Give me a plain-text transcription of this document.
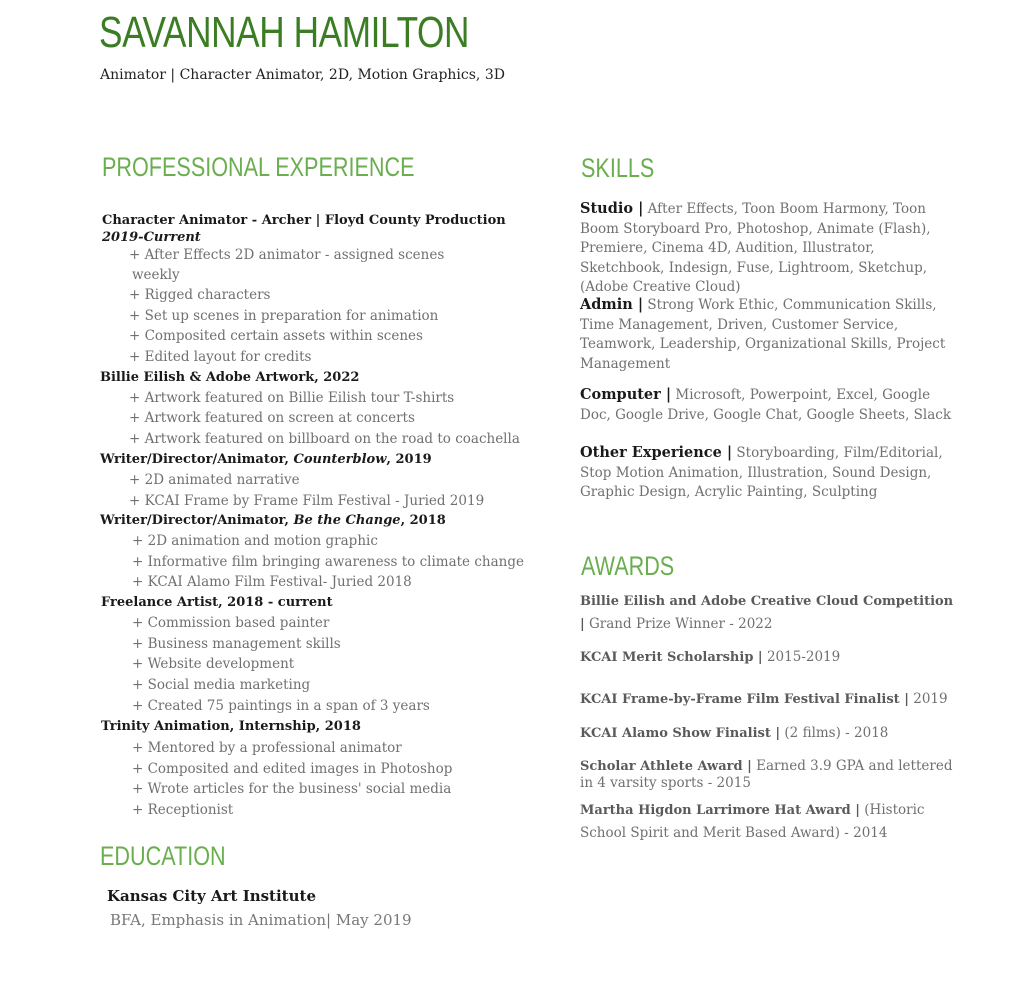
SAVANNAH HAMILTON
Animator | Character Animator, 2D, Motion Graphics, 3D
PROFESSIONAL EXPERIENCE
Character Animator - Archer | Floyd County Production
2019-Current
+ After Effects 2D animator - assigned scenes
weekly
+ Rigged characters
+ Set up scenes in preparation for animation
+ Composited certain assets within scenes
+ Edited layout for credits
Billie Eilish & Adobe Artwork, 2022
+ Artwork featured on Billie Eilish tour T-shirts
+ Artwork featured on screen at concerts
+ Artwork featured on billboard on the road to coachella
Writer/Director/Animator, Counterblow, 2019
+ 2D animated narrative
+ KCAI Frame by Frame Film Festival - Juried 2019
Writer/Director/Animator, Be the Change, 2018
+ 2D animation and motion graphic
+ Informative film bringing awareness to climate change
+ KCAI Alamo Film Festival- Juried 2018
Freelance Artist, 2018 - current
+ Commission based painter
+ Business management skills
+ Website development
+ Social media marketing
+ Created 75 paintings in a span of 3 years
Trinity Animation, Internship, 2018
+ Mentored by a professional animator
+ Composited and edited images in Photoshop
+ Wrote articles for the business' social media
+ Receptionist
EDUCATION
Kansas City Art Institute
BFA, Emphasis in Animation| May 2019
SKILLS
Studio | After Effects, Toon Boom Harmony, Toon Boom Storyboard Pro, Photoshop, Animate (Flash), Premiere, Cinema 4D, Audition, Illustrator, Sketchbook, Indesign, Fuse, Lightroom, Sketchup, (Adobe Creative Cloud)
Admin | Strong Work Ethic, Communication Skills, Time Management, Driven, Customer Service, Teamwork, Leadership, Organizational Skills, Project Management
Computer | Microsoft, Powerpoint, Excel, Google Doc, Google Drive, Google Chat, Google Sheets, Slack
Other Experience | Storyboarding, Film/Editorial, Stop Motion Animation, Illustration, Sound Design, Graphic Design, Acrylic Painting, Sculpting
AWARDS
Billie Eilish and Adobe Creative Cloud Competition | Grand Prize Winner - 2022
KCAI Merit Scholarship | 2015-2019
KCAI Frame-by-Frame Film Festival Finalist | 2019
KCAI Alamo Show Finalist | (2 films) - 2018
Scholar Athlete Award | Earned 3.9 GPA and lettered in 4 varsity sports - 2015
Martha Higdon Larrimore Hat Award | (Historic School Spirit and Merit Based Award) - 2014
